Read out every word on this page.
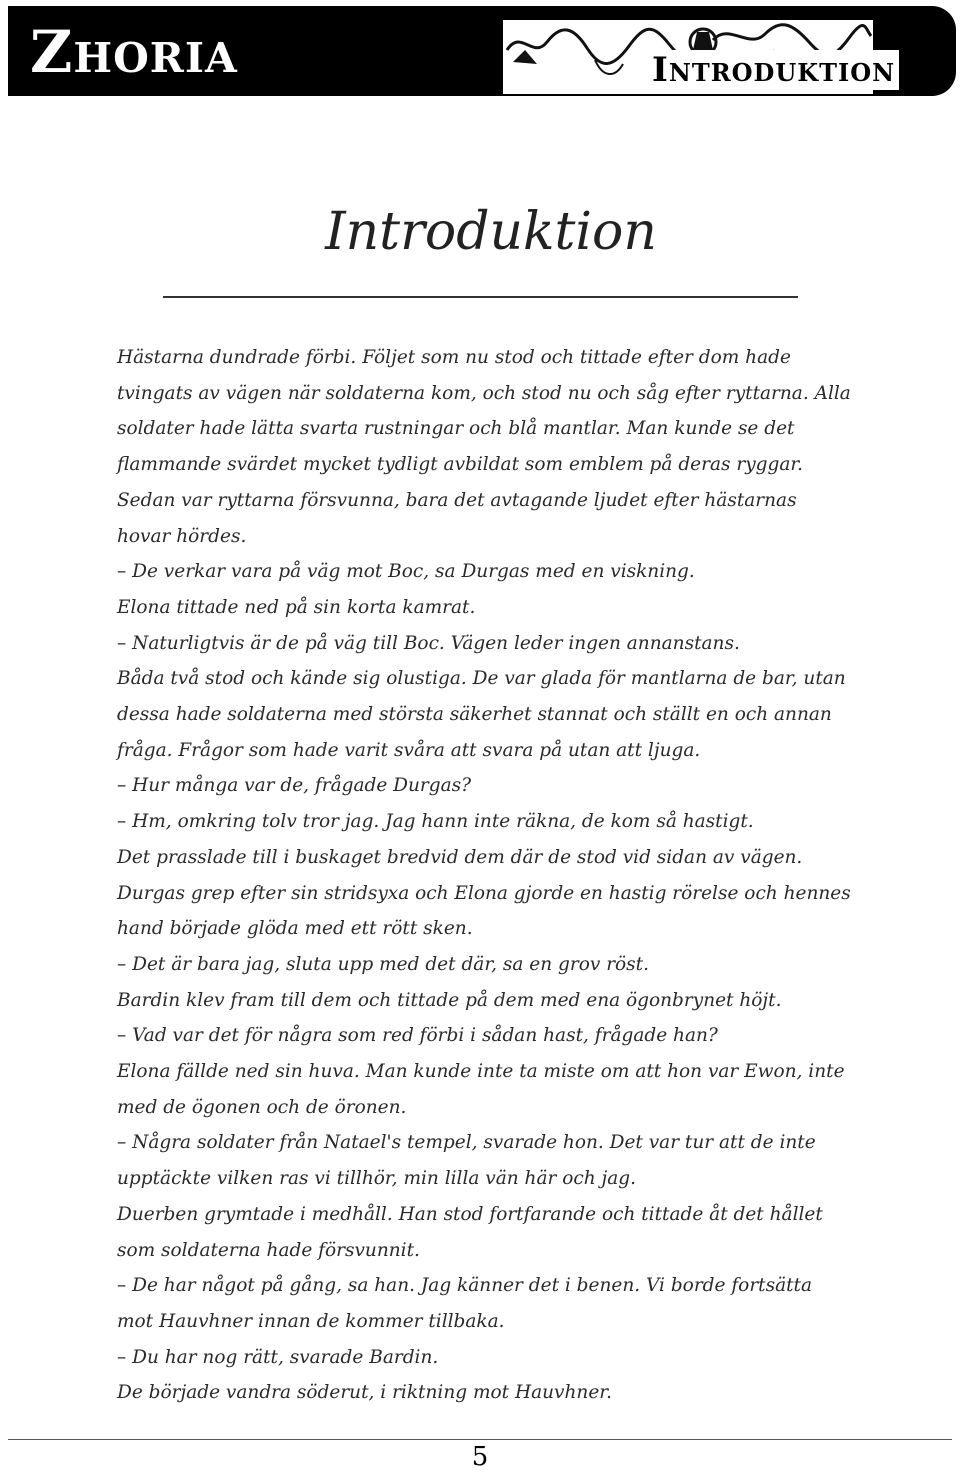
Zhoria	Introduktion
Introduktion

Hästarna dundrade förbi. Följet som nu stod och tittade efter dom hade tvingats av vägen när soldaterna kom, och stod nu och såg efter ryttarna. Alla soldater hade lätta svarta rustningar och blå mantlar. Man kunde se det flammande svärdet mycket tydligt avbildat som emblem på deras ryggar. Sedan var ryttarna försvunna, bara det avtagande ljudet efter hästarnas hovar hördes.

– De verkar vara på väg mot Boc, sa Durgas med en viskning.

Elona tittade ned på sin korta kamrat.

– Naturligtvis är de på väg till Boc. Vägen leder ingen annanstans.

Båda två stod och kände sig olustiga. De var glada för mantlarna de bar, utan dessa hade soldaterna med största säkerhet stannat och ställt en och annan fråga. Frågor som hade varit svåra att svara på utan att ljuga.

– Hur många var de, frågade Durgas?

– Hm, omkring tolv tror jag. Jag hann inte räkna, de kom så hastigt.

Det prasslade till i buskaget bredvid dem där de stod vid sidan av vägen. Durgas grep efter sin stridsyxa och Elona gjorde en hastig rörelse och hennes hand började glöda med ett rött sken.

– Det är bara jag, sluta upp med det där, sa en grov röst.

Bardin klev fram till dem och tittade på dem med ena ögonbrynet höjt.

– Vad var det för några som red förbi i sådan hast, frågade han?

Elona fällde ned sin huva. Man kunde inte ta miste om att hon var Ewon, inte med de ögonen och de öronen.

– Några soldater från Natael's tempel, svarade hon. Det var tur att de inte upptäckte vilken ras vi tillhör, min lilla vän här och jag.

Duerben grymtade i medhåll. Han stod fortfarande och tittade åt det hållet som soldaterna hade försvunnit.

– De har något på gång, sa han. Jag känner det i benen. Vi borde fortsätta mot Hauvhner innan de kommer tillbaka.

– Du har nog rätt, svarade Bardin.

De började vandra söderut, i riktning mot Hauvhner.

5
